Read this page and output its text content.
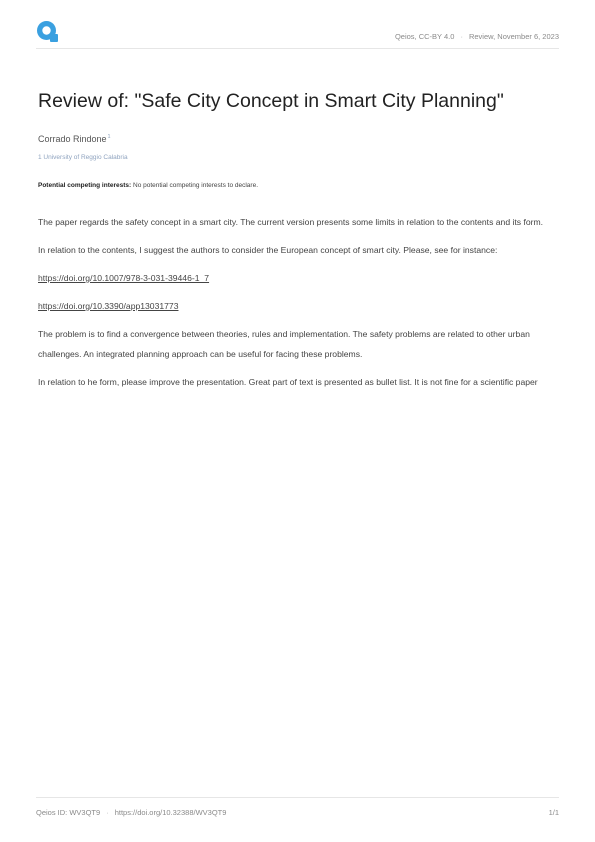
Qeios, CC-BY 4.0 · Review, November 6, 2023
Review of: "Safe City Concept in Smart City Planning"
Corrado Rindone$^1$
1 University of Reggio Calabria
Potential competing interests: No potential competing interests to declare.

The paper regards the safety concept in a smart city. The current version presents some limits in relation to the contents and its form.

In relation to the contents, I suggest the authors to consider the European concept of smart city. Please, see for instance:

https://doi.org/10.1007/978-3-031-39446-1_7

https://doi.org/10.3390/app13031773

The problem is to find a convergence between theories, rules and implementation. The safety problems are related to other urban challenges. An integrated planning approach can be useful for facing these problems.

In relation to he form, please improve the presentation. Great part of text is presented as bullet list. It is not fine for a scientific paper

Qeios ID: WV3QT9 · https://doi.org/10.32388/WV3QT9	1/1
